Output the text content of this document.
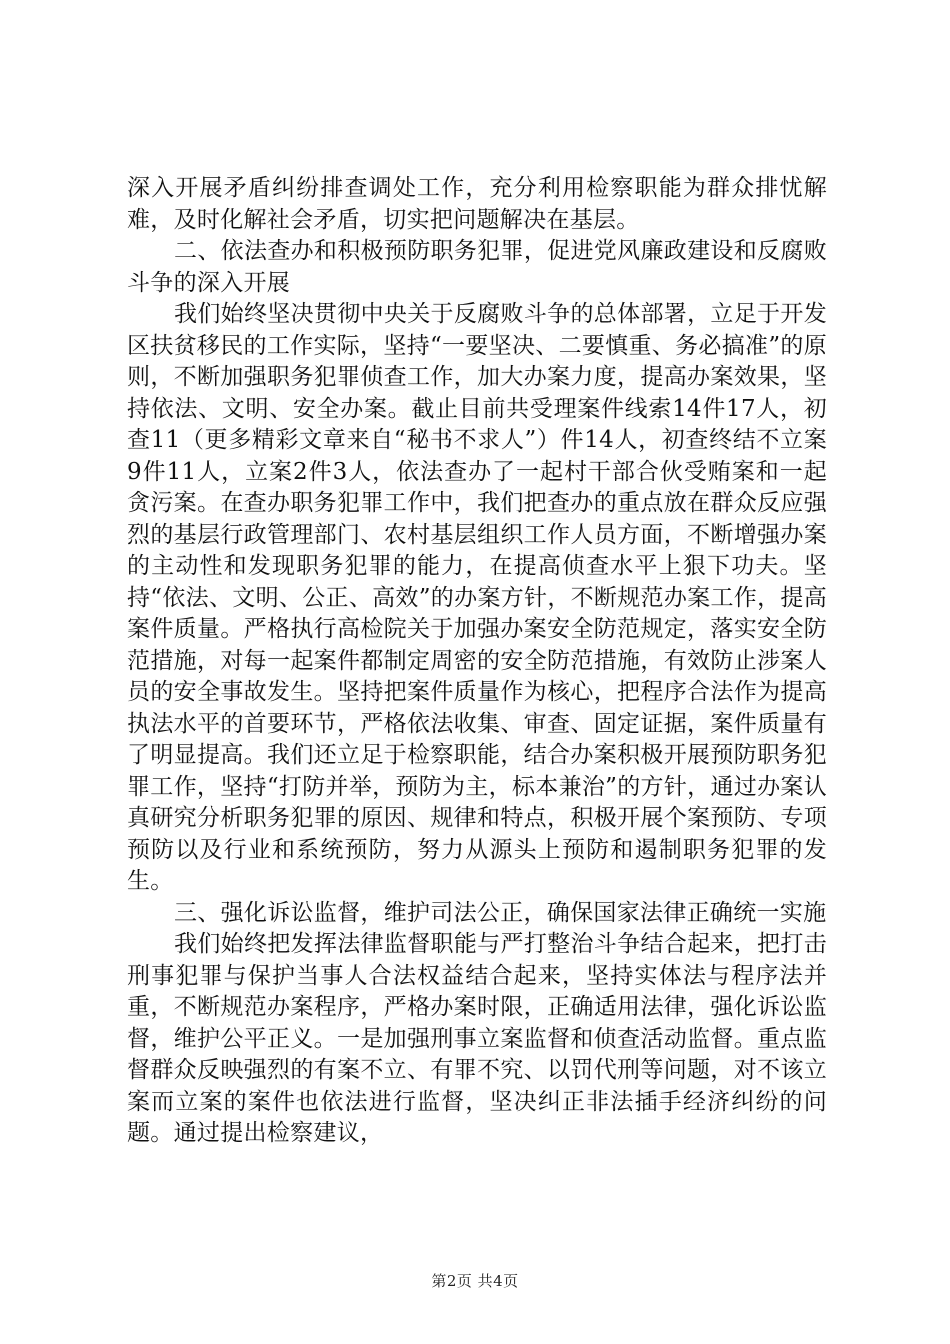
深入开展矛盾纠纷排查调处工作，充分利用检察职能为群众排忧解难，及时化解社会矛盾，切实把问题解决在基层。

二、依法查办和积极预防职务犯罪，促进党风廉政建设和反腐败斗争的深入开展

我们始终坚决贯彻中央关于反腐败斗争的总体部署，立足于开发区扶贫移民的工作实际，坚持“一要坚决、二要慎重、务必搞准”的原则，不断加强职务犯罪侦查工作，加大办案力度，提高办案效果，坚持依法、文明、安全办案。截止目前共受理案件线索14件17人，初查11（更多精彩文章来自“秘书不求人”）件14人，初查终结不立案9件11人，立案2件3人，依法查办了一起村干部合伙受贿案和一起贪污案。在查办职务犯罪工作中，我们把查办的重点放在群众反应强烈的基层行政管理部门、农村基层组织工作人员方面，不断增强办案的主动性和发现职务犯罪的能力，在提高侦查水平上狠下功夫。坚持“依法、文明、公正、高效”的办案方针，不断规范办案工作，提高案件质量。严格执行高检院关于加强办案安全防范规定，落实安全防范措施，对每一起案件都制定周密的安全防范措施，有效防止涉案人员的安全事故发生。坚持把案件质量作为核心，把程序合法作为提高执法水平的首要环节，严格依法收集、审查、固定证据，案件质量有了明显提高。我们还立足于检察职能，结合办案积极开展预防职务犯罪工作，坚持“打防并举，预防为主，标本兼治”的方针，通过办案认真研究分析职务犯罪的原因、规律和特点，积极开展个案预防、专项预防以及行业和系统预防，努力从源头上预防和遏制职务犯罪的发生。

三、强化诉讼监督，维护司法公正，确保国家法律正确统一实施

我们始终把发挥法律监督职能与严打整治斗争结合起来，把打击刑事犯罪与保护当事人合法权益结合起来，坚持实体法与程序法并重，不断规范办案程序，严格办案时限，正确适用法律，强化诉讼监督，维护公平正义。一是加强刑事立案监督和侦查活动监督。重点监督群众反映强烈的有案不立、有罪不究、以罚代刑等问题，对不该立案而立案的案件也依法进行监督，坚决纠正非法插手经济纠纷的问题。通过提出检察建议，

第2页 共4页
